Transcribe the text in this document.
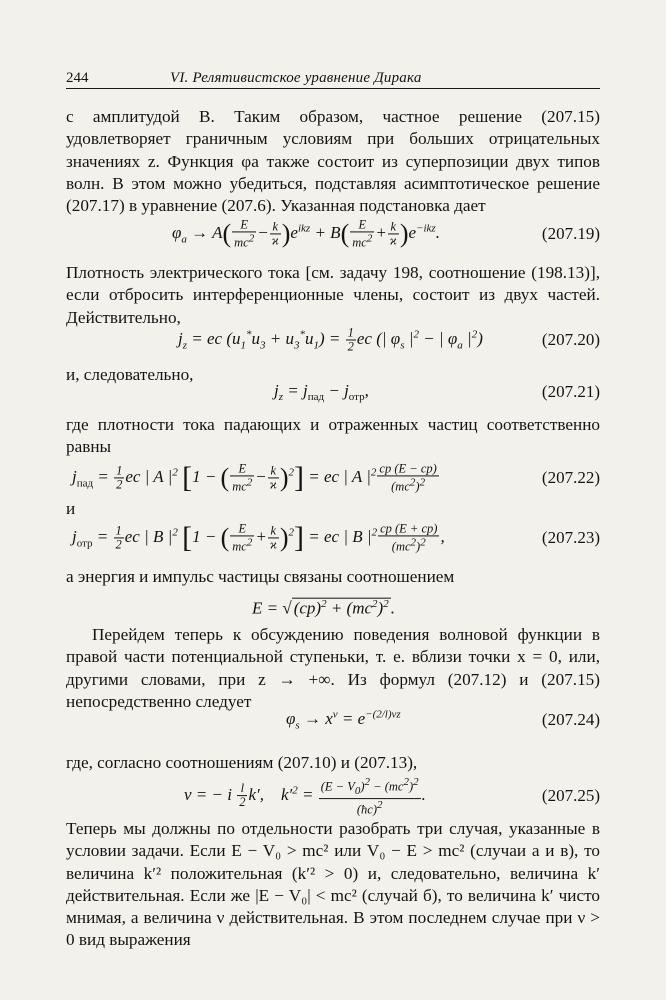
244	VI. Релятивистское уравнение Дирака
с амплитудой B. Таким образом, частное решение (207.15) удовлетворяет граничным условиям при больших отрицательных значениях z. Функция φa также состоит из суперпозиции двух типов волн. В этом можно убедиться, подставляя асимптотическое решение (207.17) в уравнение (207.6). Указанная подстановка дает
$\varphi_a \to A( \frac{E}{mc^2} - \frac{k}{ϰ} )e^{ikz} + B( \frac{E}{mc^2} + \frac{k}{ϰ} )e^{-ikz}$.	(207.19)
Плотность электрического тока [см. задачу 198, соотношение (198.13)], если отбросить интерференционные члены, состоит из двух частей. Действительно,
$j_z$ = ec $(u_1^*u_3 + u_3^*u_1) = \frac{1}{2}$ ec (| $\varphi_s$ $|^2$ − | $\varphi_a$ $|^2$)	(207.20)
и, следовательно,
$j_z = j_{пад} - j_{отр}$,	(207.21)
где плотности тока падающих и отраженных частиц соответственно равны
$j_{пад} = \frac{1}{2}$ ec | A $|^2$ [1 − ( $\frac{E}{mc^2} - \frac{k}{ϰ} )^2$] = ec | A $|^2 \frac{cp (E - cp)}{(mc^2)^2}$	(207.22)
и
$j_{отр} = \frac{1}{2}$ ec | B $|^2$ [1 − ( $\frac{E}{mc^2} + \frac{k}{ϰ} )^2$] = ec | B $|^2 \frac{cp (E + cp)}{(mc^2)^2}$ ,	(207.23)
а энергия и импульс частицы связаны соотношением
E = √ $(cp)^2 + (mc^2)^2$ .
Перейдем теперь к обсуждению поведения волновой функции в правой части потенциальной ступеньки, т. е. вблизи точки x = 0, или, другими словами, при z → +∞. Из формул (207.12) и (207.15) непосредственно следует
$\varphi_s \to x^\nu = e^{-(2/l)\nu z}$	(207.24)
где, согласно соотношениям (207.10) и (207.13),
ν = − i $\frac{l}{2} k'$,    $k'^2 = \frac{(E - V_0)^2 - (mc^2)^2}{(ħc)^2}$ .	(207.25)
Теперь мы должны по отдельности разобрать три случая, указанные в условии задачи. Если E − V₀ > mc² или V₀ − E > mc² (случаи а и в), то величина k′² положительная (k′² > 0) и, следовательно, величина k′ действительная. Если же |E − V₀| < mc² (случай б), то величина k′ чисто мнимая, а величина ν действительная. В этом последнем случае при ν > 0 вид выражения
